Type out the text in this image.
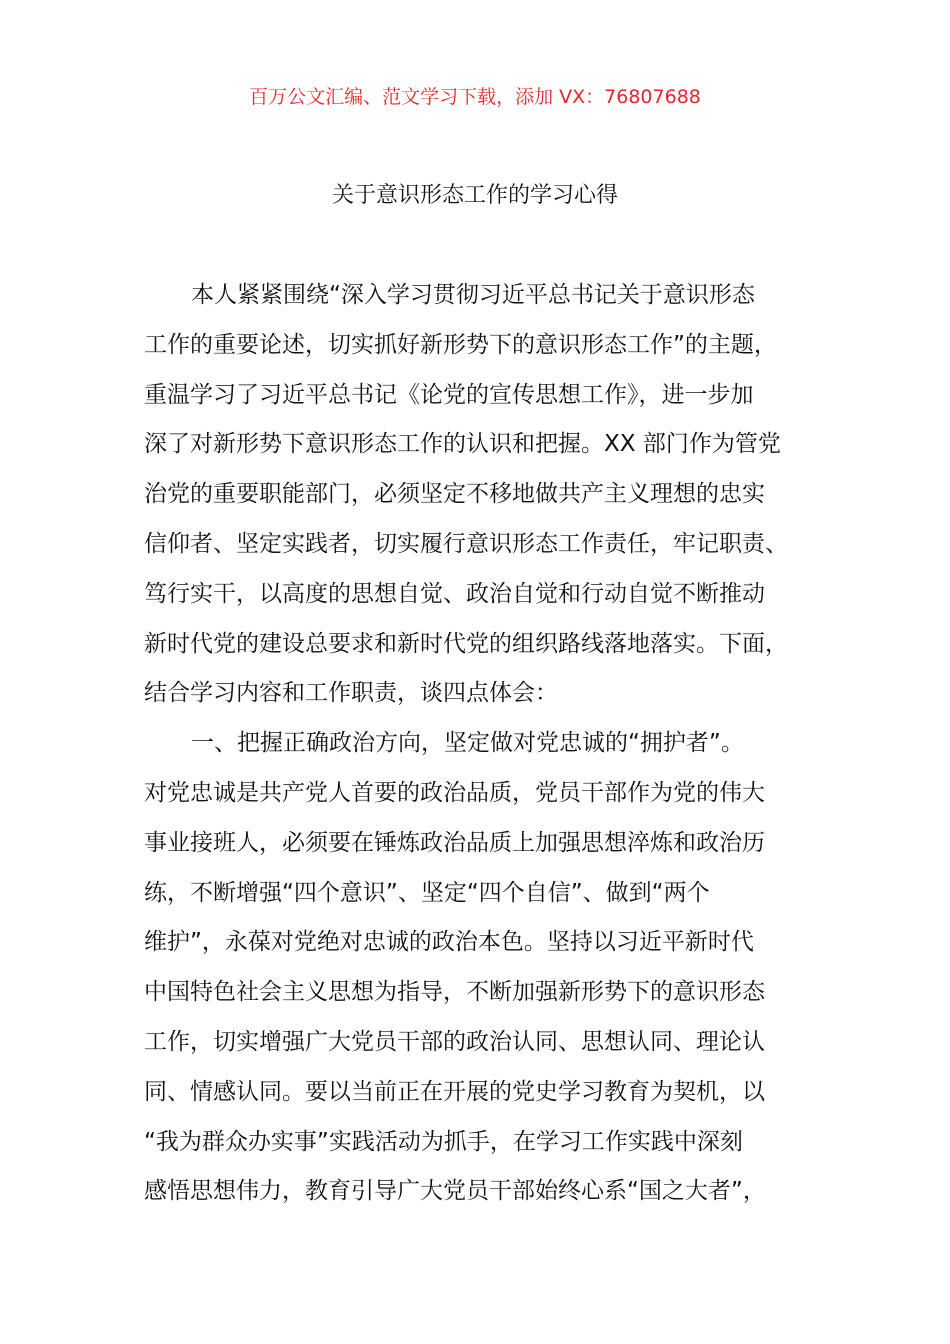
百万公文汇编、范文学习下载，添加 VX：76807688
关于意识形态工作的学习心得
本人紧紧围绕“深入学习贯彻习近平总书记关于意识形态
工作的重要论述，切实抓好新形势下的意识形态工作”的主题，
重温学习了习近平总书记《论党的宣传思想工作》，进一步加
深了对新形势下意识形态工作的认识和把握。XX 部门作为管党
治党的重要职能部门，必须坚定不移地做共产主义理想的忠实
信仰者、坚定实践者，切实履行意识形态工作责任，牢记职责、
笃行实干，以高度的思想自觉、政治自觉和行动自觉不断推动
新时代党的建设总要求和新时代党的组织路线落地落实。下面，
结合学习内容和工作职责，谈四点体会：
一、把握正确政治方向，坚定做对党忠诚的“拥护者”。
对党忠诚是共产党人首要的政治品质，党员干部作为党的伟大
事业接班人，必须要在锤炼政治品质上加强思想淬炼和政治历
练，不断增强“四个意识”、坚定“四个自信”、做到“两个
维护”，永葆对党绝对忠诚的政治本色。坚持以习近平新时代
中国特色社会主义思想为指导，不断加强新形势下的意识形态
工作，切实增强广大党员干部的政治认同、思想认同、理论认
同、情感认同。要以当前正在开展的党史学习教育为契机，以
“我为群众办实事”实践活动为抓手，在学习工作实践中深刻
感悟思想伟力，教育引导广大党员干部始终心系“国之大者”，
